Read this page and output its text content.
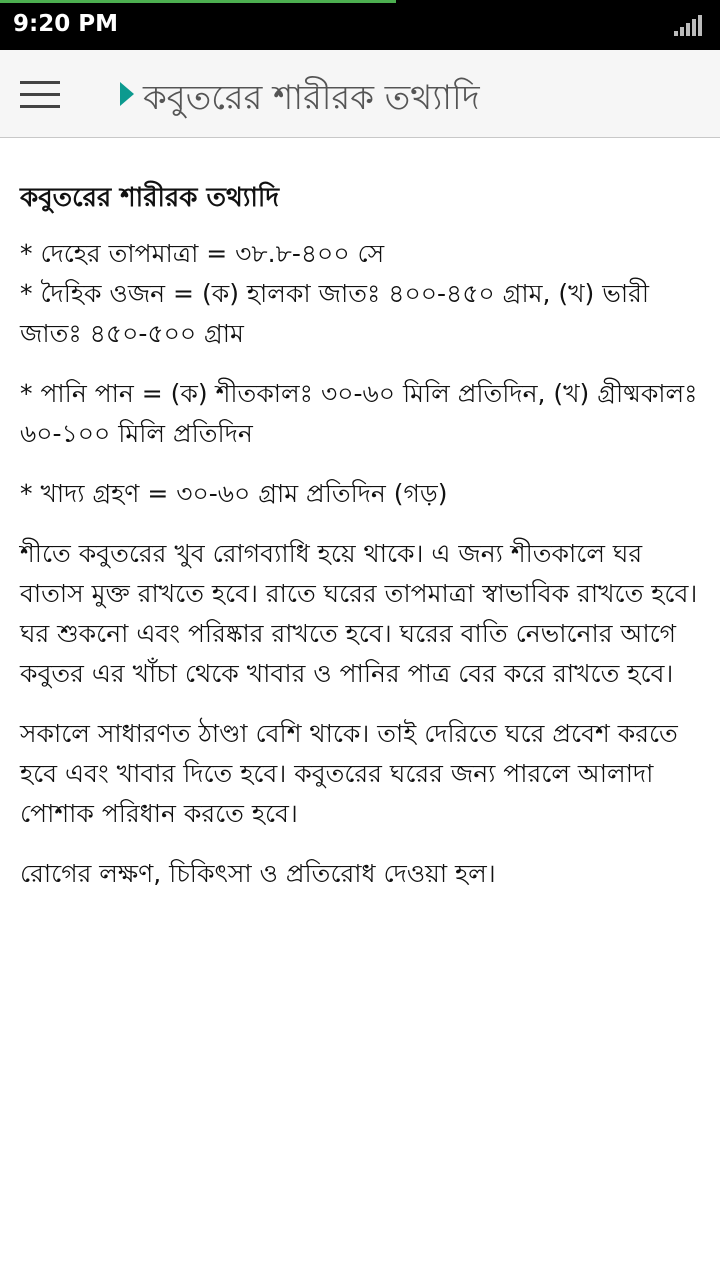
9:20 PM
কবুতরের শারীরক তথ্যাদি
কবুতরের শারীরক তথ্যাদি
* দেহের তাপমাত্রা = ৩৮.৮-৪০০ সে
* দৈহিক ওজন = (ক) হালকা জাতঃ ৪০০-৪৫০ গ্রাম, (খ) ভারী জাতঃ ৪৫০-৫০০ গ্রাম
* পানি পান = (ক) শীতকালঃ ৩০-৬০ মিলি প্রতিদিন, (খ) গ্রীষ্মকালঃ ৬০-১০০ মিলি প্রতিদিন
* খাদ্য গ্রহণ = ৩০-৬০ গ্রাম প্রতিদিন (গড়)
শীতে কবুতরের খুব রোগব্যাধি হয়ে থাকে। এ জন্য শীতকালে ঘর বাতাস মুক্ত রাখতে হবে। রাতে ঘরের তাপমাত্রা স্বাভাবিক রাখতে হবে। ঘর শুকনো এবং পরিষ্কার রাখতে হবে। ঘরের বাতি নেভানোর আগে কবুতর এর খাঁচা থেকে খাবার ও পানির পাত্র বের করে রাখতে হবে।
সকালে সাধারণত ঠাণ্ডা বেশি থাকে। তাই দেরিতে ঘরে প্রবেশ করতে হবে এবং খাবার দিতে হবে। কবুতরের ঘরের জন্য পারলে আলাদা পোশাক পরিধান করতে হবে।
রোগের লক্ষণ, চিকিৎসা ও প্রতিরোধ দেওয়া হল।
